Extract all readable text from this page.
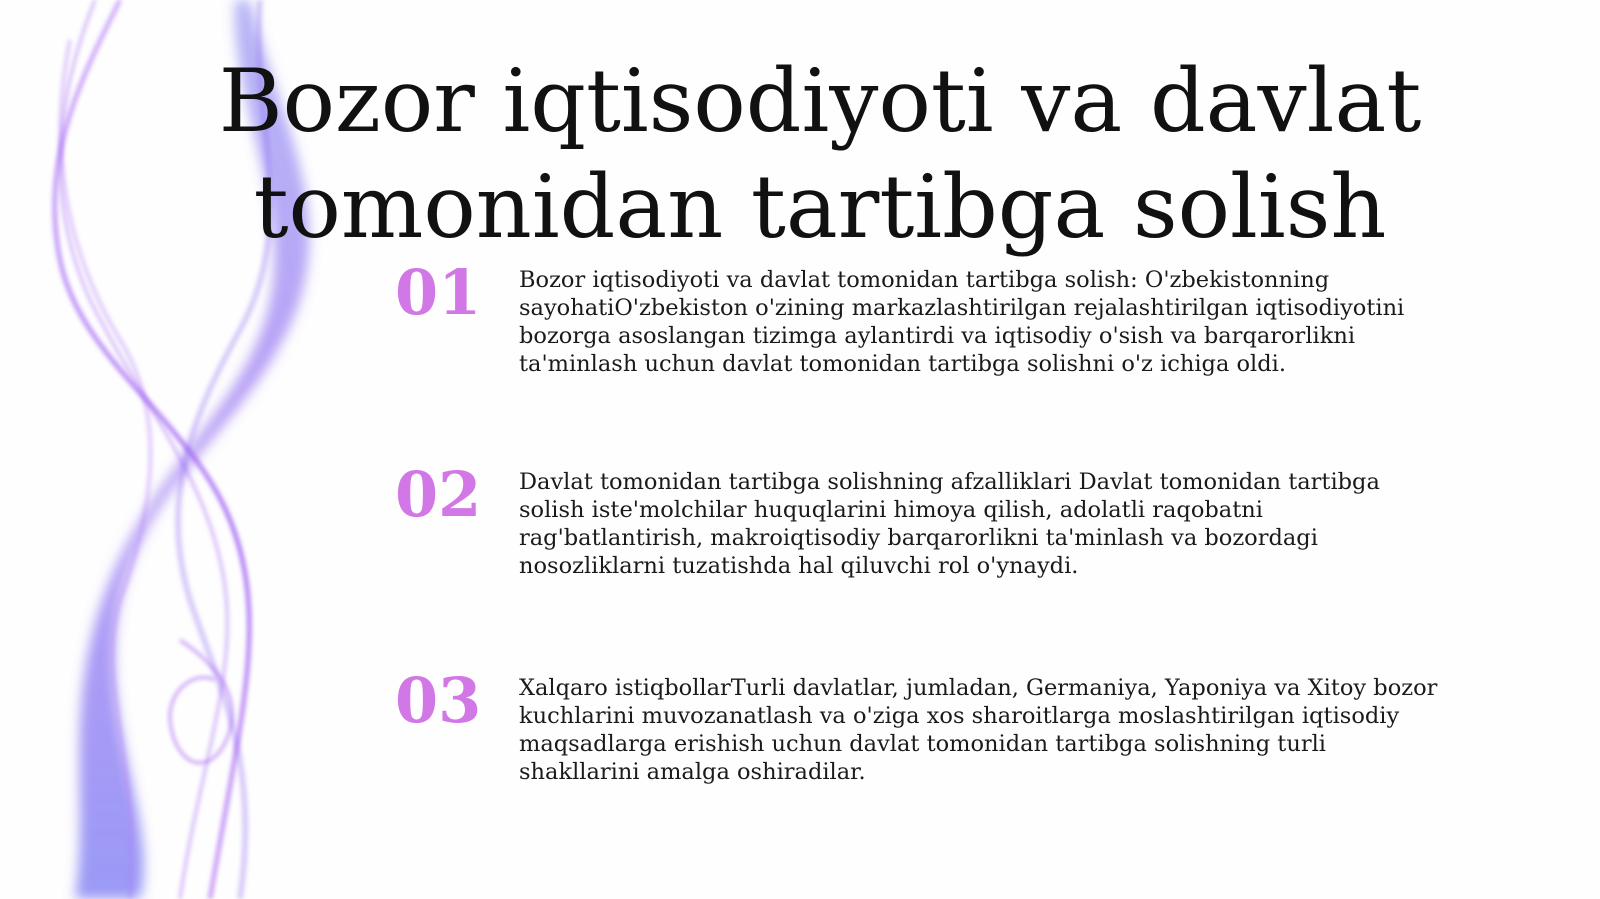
Bozor iqtisodiyoti va davlat tomonidan tartibga solish
01 Bozor iqtisodiyoti va davlat tomonidan tartibga solish: O'zbekistonning sayohatiO'zbekiston o'zining markazlashtirilgan rejalashtirilgan iqtisodiyotini bozorga asoslangan tizimga aylantirdi va iqtisodiy o'sish va barqarorlikni ta'minlash uchun davlat tomonidan tartibga solishni o'z ichiga oldi.
02 Davlat tomonidan tartibga solishning afzalliklari Davlat tomonidan tartibga solish iste'molchilar huquqlarini himoya qilish, adolatli raqobatni rag'batlantirish, makroiqtisodiy barqarorlikni ta'minlash va bozordagi nosozliklarni tuzatishda hal qiluvchi rol o'ynaydi.
03 Xalqaro istiqbollarTurli davlatlar, jumladan, Germaniya, Yaponiya va Xitoy bozor kuchlarini muvozanatlash va o'ziga xos sharoitlarga moslashtirilgan iqtisodiy maqsadlarga erishish uchun davlat tomonidan tartibga solishning turli shakllarini amalga oshiradilar.
